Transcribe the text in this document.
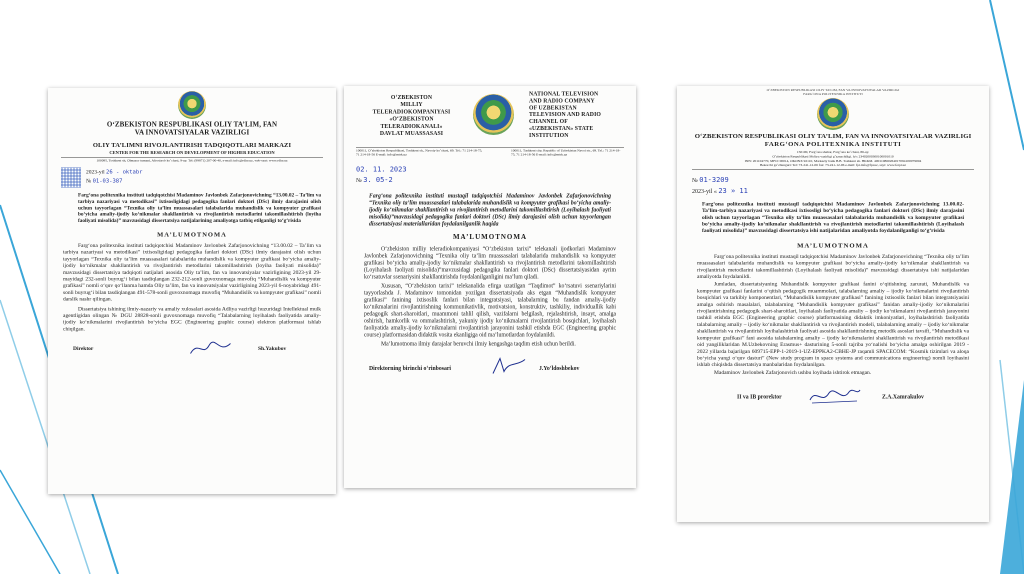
O‘ZBEKISTON RESPUBLIKASI OLIY TA’LIM, FAN
VA INNOVATSIYALAR VAZIRLIGI
OLIY TA’LIMNI RIVOJLANTIRISH TADQIQOTLARI MARKAZI
CENTER FOR THE RESEARCH ON DEVELOPMENT OF HIGHER EDUCATION
100095, Toshkent sh, Olmazor tumani, Afrosiyob ko‘chasi, 9-uy. Tel: (99871) 207-00-40, e-mail: info@rdhe.uz, web-sayt: www.rdhe.uz
2023-yil 26 - oktabr
№ 01-03-387
Farg‘ona politexnika instituti tadqiqotchisi Madaminov Javlonbek Zafarjonovichning “13.00.02 – Ta’lim va tarbiya nazariyasi va metodikasi” ixtisosligidagi pedagogika fanlari doktori (DSc) ilmiy darajasini olish uchun tayyorlagan “Texnika oliy ta’lim muassasalari talabalarida muhandislik va kompyuter grafikasi bo‘yicha amaliy-ijodiy ko‘nikmalar shakllantirish va rivojlantirish metodlarini takomillashtirish (loyiha faoliyati misolida)” mavzusidagi dissertatsiya natijalarining amaliyotga tatbiq etilganligi to‘g‘risida
MA’LUMOTNOMA
Farg‘ona politexnika instituti tadqiqotchisi Madaminov Javlonbek Zafarjonovichning “13.00.02 – Ta’lim va tarbiya nazariyasi va metodikasi” ixtisosligidagi pedagogika fanlari doktori (DSc) ilmiy darajasini olish uchun tayyorlagan “Texnika oliy ta’lim muassasalari talabalarida muhandislik va kompyuter grafikasi bo‘yicha amaliy-ijodiy ko‘nikmalar shakllantirish va rivojlantirish metodlarini takomillashtirish (loyiha faoliyati misolida)” mavzusidagi dissertatsiya tadqiqoti natijalari asosida Oliy ta’lim, fan va innovatsiyalar vazirligining 2023-yil 29-mayidagi 232-sonli buyrug‘i bilan tasdiqlangan 232-212-sonli guvoxnomaga muvofiq “Muhandislik va kompyuter grafikasi” nomli o‘quv qo‘llanma hamda Oliy ta’lim, fan va innovatsiyalar vazirligining 2023-yil 6-noyabridagi 491-sonli buyrug‘i bilan tasdiqlangan 491-578-sonli guvoxnomaga muvofiq “Muhandislik va kompyuter grafikasi” nomli darslik nashr qilingan.
Dissertatsiya ishining ilmiy-nazariy va amaliy xulosalari asosida Adliya vazirligi huzuridagi Intellektual mulk agentligidan olingan № DGU 28828-sonli guvoxnomaga muvofiq “Talabalarning loyihalash faoliyatida amaliy-ijodiy ko‘nikmalarini rivojlantirish bo‘yicha EGC (Engineering graphic course) elektron platformasi ishlab chiqilgan.
Direktor	Sh.Yakubov
O‘ZBEKISTON
MILLIY
TELERADIOKOMPANIYASI
«O‘ZBEKISTON
TELERADIOKANALI»
DAVLAT MUASSASASI
NATIONAL TELEVISION
AND RADIO COMPANY
OF UZBEKISTAN
TELEVISION AND RADIO
CHANNEL OF
«UZBEKISTAN» STATE
INSTITUTION
100011, O‘zbekiston Respublikasi, Toshkent sh., Navoiy ko‘chasi, 69. Tel.: 71 214-18-75, 71 214-18-56 E-mail: info@mtrk.uz
100011, Tashkent city, Republic of Uzbekistan Navoi str., 69. Tel.: 71 214-18-75, 71 214-18-56 E-mail: info@mtrk.uz
02. 11. 2023
№ 3. 05-2
Farg‘ona politexnika instituti mustaqil tadqiqotchisi Madaminov Javlonbek Zafarjonovichning “Texnika oliy ta’lim muassasalari talabalarida muhandislik va kompyuter grafikasi bo‘yicha amaliy-ijodiy ko‘nikmalar shakllantirish va rivojlantirish metodlarini takomillashtirish (Loyihalash faoliyati misolida)”mavzusidagi pedagogika fanlari doktori (DSc) ilmiy darajasini olish uchun tayyorlangan dissertatsiyasi materiallaridan foydalanilganlik haqida
MA’LUMOTNOMA
O‘zbekiston milliy teleradiokompaniyasi “O‘zbekiston tarixi” telekanali ijodkorlari Madaminov Javlonbek Zafarjonovichning “Texnika oliy ta’lim muassasalari talabalarida muhandislik va kompyuter grafikasi bo‘yicha amaliy-ijodiy ko‘nikmalar shakllantirish va rivojlantirish metodlarini takomillashtirish (Loyihalash faoliyati misolida)”mavzusidagi pedagogika fanlari doktori (DSc) dissertatsiyasidan ayrim ko‘rsatuvlar ssenariysini shakllantirishda foydalanilganligini ma’lum qiladi.
Xususan, “O‘zbekiston tarixi” telekanalida efirga uzatilgan “Taqdimot” ko‘rsatuvi ssenariylarini tayyorlashda J. Madaminov tomonidan yozilgan dissertatsiyada aks etgan “Muhandislik kompyuter grafikasi” fanining ixtisoslik fanlari bilan integratsiyasi, talabalarning bu fandan amaliy-ijodiy ko‘nikmalarini rivojlantirishning kommunikativlik, motivatsion, konstruktiv, tashkiliy, individuallik kabi pedagogik shart-sharoitlari, muammoni tahlil qilish, vazifalarni belgilash, rejalashtirish, insayt, amalga oshirish, hamkorlik va ommalashtirish, yakuniy ijodiy ko‘nikmalarni rivojlantirish bosqichlari, loyihalash faoliyatida amaliy-ijodiy ko‘nikmalarni rivojlantirish jarayonini tashkil etishda EGC (Engineering graphic course) platformasidan didaktik vosita ekanligiga oid ma’lumotlardan foydalanildi.
Ma’lumotnoma ilmiy darajalar beruvchi ilmiy kengashga taqdim etish uchun berildi.
Direktorning birinchi o‘rinbosari	J.Yo‘ldoshbekov
O‘ZBEKISTON RESPUBLIKASI OLIY TA’LIM, FAN VA INNOVATSIYALAR VAZIRLIGI
FARG‘ONA POLITEXNIKA INSTITUTI
O‘ZBEKISTON RESPUBLIKASI OLIY TA’LIM, FAN VA INNOVATSIYALAR VAZIRLIGI
FARG‘ONA POLITEXNIKA INSTITUTI
150100, Farg‘ona shahar, Farg‘ona ko‘chasi, 86-uy.
O‘zbekiston Respublikasi Moliya vazirligi g‘aznachiligi. h/r: 23402000300100001010
INN: 201104770, MFO: 00014, OKONX 92110, Markaziy bank B.B. Toshkent sh. HKKM. 400110860264017094100079004
Bekorchi ga‘zbunguri: Tel: 73-241-12-06 fax: 73-241-12-06 e-mail: fpi.info@fpi.uz, sayt: www.ferpi.uz
№ 01-3209
2023-yil « 23 » 11
Farg‘ona politexnika instituti mustaqil tadqiqotchisi Madaminov Javlonbek Zafarjonovichning 13.00.02-Ta’lim-tarbiya nazariyasi va metodikasi ixtisosligi bo‘yicha pedagogika fanlari doktori (DSc) ilmiy darajasini olish uchun tayyorlagan “Texnika oliy ta’lim muassasalari talabalarida muhandislik va kompyuter grafikasi bo‘yicha amaliy-ijodiy ko‘nikmalar shakllantirish va rivojlantirish metodlarini takomillashtirish (Loyihalash faoliyati misolida)” mavzusidagi dissertatsiya ishi natijalaridan amaliyotda foydalanilganligi to‘g‘risida
MA’LUMOTNOMA
Farg‘ona politexnika instituti mustaqil tadqiqotchisi Madaminov Javlonbek Zafarjonovichning “Texnika oliy ta’lim muassasalari talabalarida muhandislik va kompyuter grafikasi bo‘yicha amaliy-ijodiy ko‘nikmalar shakllantirish va rivojlantirish metodlarini takomillashtirish (Loyihalash faoliyati misolida)” mavzusidagi dissertatsiya ishi natijalaridan amaliyotda foydalanildi.
Jumladan, dissertatsiyaning Muhandislik kompyuter grafikasi fanini o‘qitishning zarurati, Muhandislik va kompyuter grafikasi fanlarini o‘qitish pedagogik muammolari, talabalarning amaliy – ijodiy ko‘nikmalarini rivojlantirish bosqichlari va tarkibiy komponentlari, “Muhandislik kompyuter grafikasi” fanining ixtisoslik fanlari bilan integratsiyasini amalga oshirish masalalari, talabalarning “Muhandislik kompyuter grafikasi” fanidan amaliy-ijodiy ko‘nikmalarini rivojlantirishning pedagogik shart-sharoitlari, loyihalash faoliyatida amaliy – ijodiy ko‘nikmalarni rivojlantirish jarayonini tashkil etishda EGC (Engineering graphic course) platformasining didaktik imkoniyatlari, loyihalashtirish faoliyatida talabalarning amaliy – ijodiy ko‘nikmalar shakllantirish va rivojlantirish modeli, talabalarning amaliy – ijodiy ko‘nikmalar shakllantirish va rivojlantirish loyihalashtirish faoliyati asosida shakllantirishning metodik asoslari tavsifi, “Muhandislik va kompyuter grafikasi” fani asosida talabalarning amaliy – ijodiy ko‘nikmalarini shakllantirish va rivojlantirish metodikasi oid yangiliklaridan M.Uzbekovning Erasmus+ dasturining 5-sonli tajriba yo‘nalishi bo‘yicha amalga oshirilgan 2019 - 2022 yillarda bajarilgan 609715-EPP-1-2019-1-UZ-EPPKA2-CBHE-JP raqamli SPACECOM: “Kosmik tizimlari va aloqa bo‘yicha yangi o‘quv dasturi” (New study program in space systems and communications engineering) nomli loyihasini ishlab chiqishda dissertatsiya manbalaridan foydalanilgan.
Madaminov Javlonbek Zafarjonovich ushbu loyihada ishtirok etmagan.
II va IB prorektor	Z.A.Xamrakulov
